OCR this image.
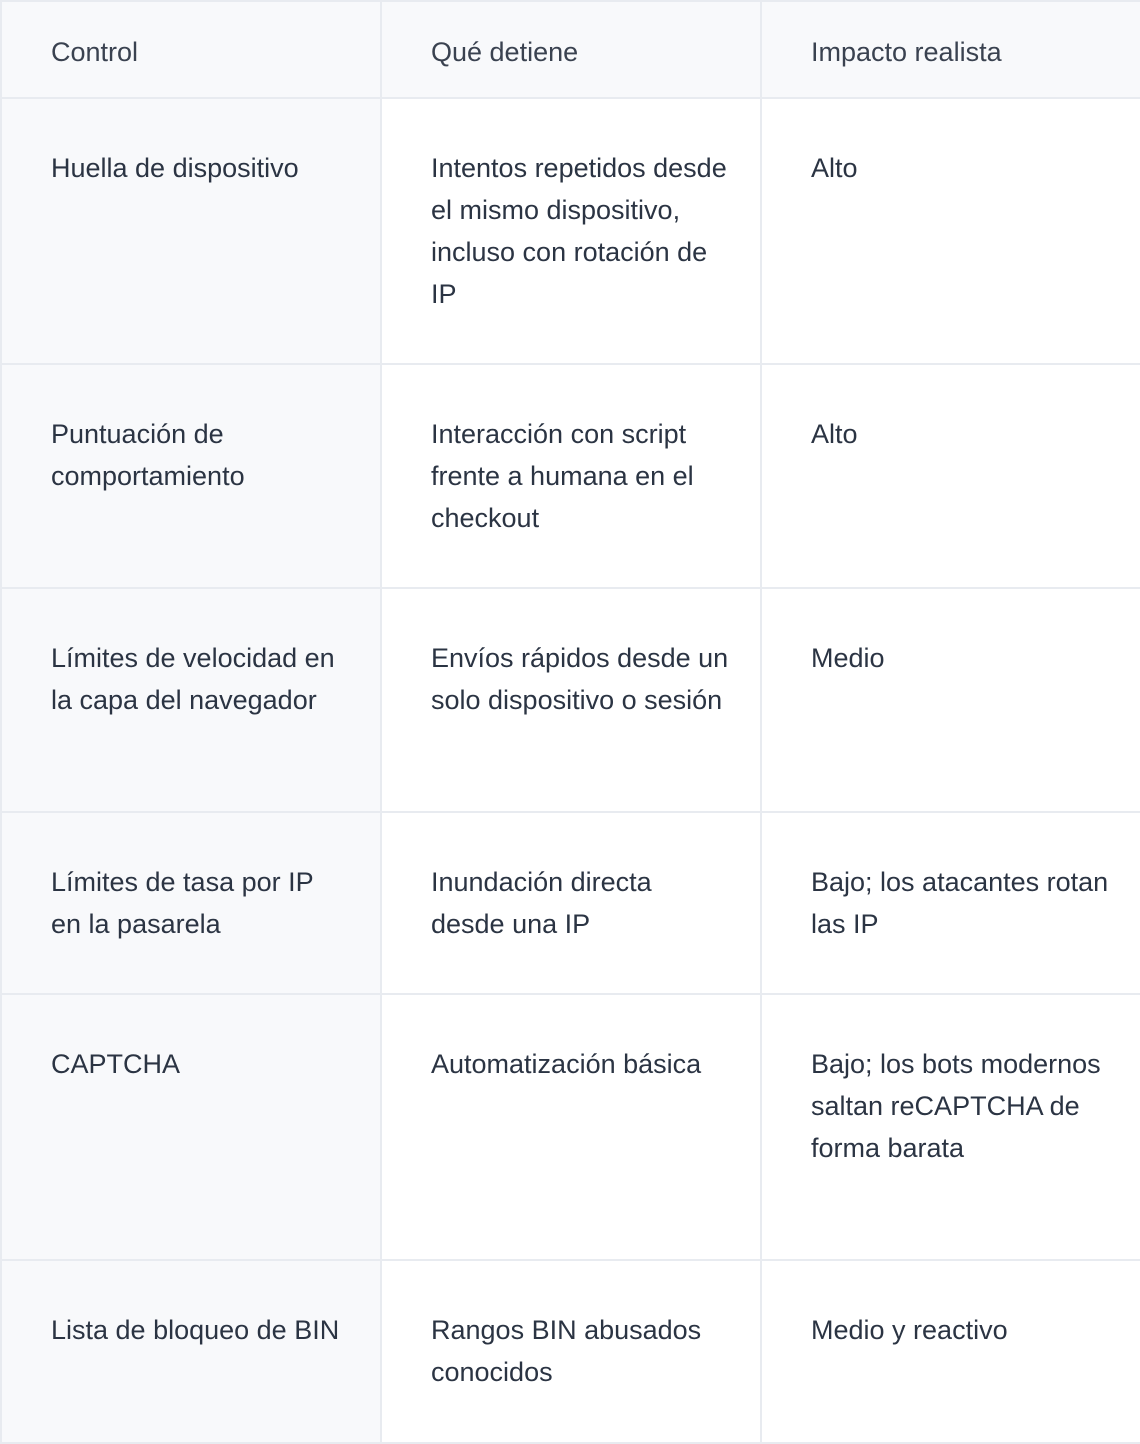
Control	Qué detiene	Impacto realista
Huella de dispositivo	Intentos repetidos desde el mismo dispositivo, incluso con rotación de IP	Alto
Puntuación de comportamiento	Interacción con script frente a humana en el checkout	Alto
Límites de velocidad en la capa del navegador	Envíos rápidos desde un solo dispositivo o sesión	Medio
Límites de tasa por IP en la pasarela	Inundación directa desde una IP	Bajo; los atacantes rotan las IP
CAPTCHA	Automatización básica	Bajo; los bots modernos saltan reCAPTCHA de forma barata
Lista de bloqueo de BIN	Rangos BIN abusados conocidos	Medio y reactivo
